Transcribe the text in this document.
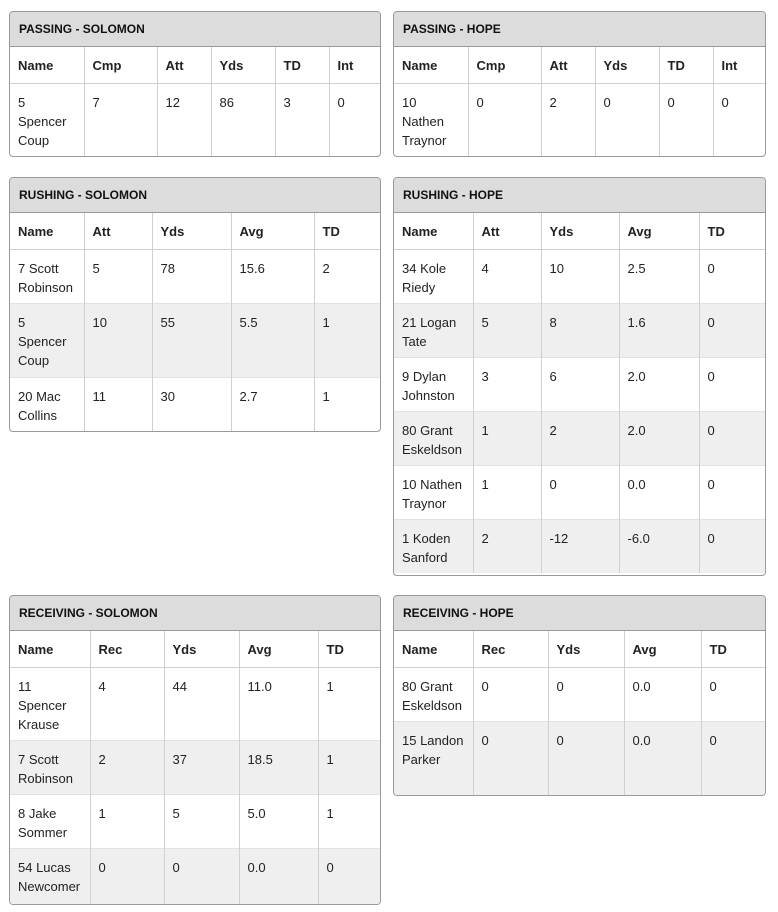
PASSING - SOLOMON
Name	Cmp	Att	Yds	TD	Int
5 Spencer Coup	7	12	86	3	0
PASSING - HOPE
Name	Cmp	Att	Yds	TD	Int
10 Nathen Traynor	0	2	0	0	0
RUSHING - SOLOMON
Name	Att	Yds	Avg	TD
7 Scott Robinson	5	78	15.6	2
5 Spencer Coup	10	55	5.5	1
20 Mac Collins	11	30	2.7	1
RUSHING - HOPE
Name	Att	Yds	Avg	TD
34 Kole Riedy	4	10	2.5	0
21 Logan Tate	5	8	1.6	0
9 Dylan Johnston	3	6	2.0	0
80 Grant Eskeldson	1	2	2.0	0
10 Nathen Traynor	1	0	0.0	0
1 Koden Sanford	2	-12	-6.0	0
RECEIVING - SOLOMON
Name	Rec	Yds	Avg	TD
11 Spencer Krause	4	44	11.0	1
7 Scott Robinson	2	37	18.5	1
8 Jake Sommer	1	5	5.0	1
54 Lucas Newcomer	0	0	0.0	0
RECEIVING - HOPE
Name	Rec	Yds	Avg	TD
80 Grant Eskeldson	0	0	0.0	0
15 Landon Parker	0	0	0.0	0
